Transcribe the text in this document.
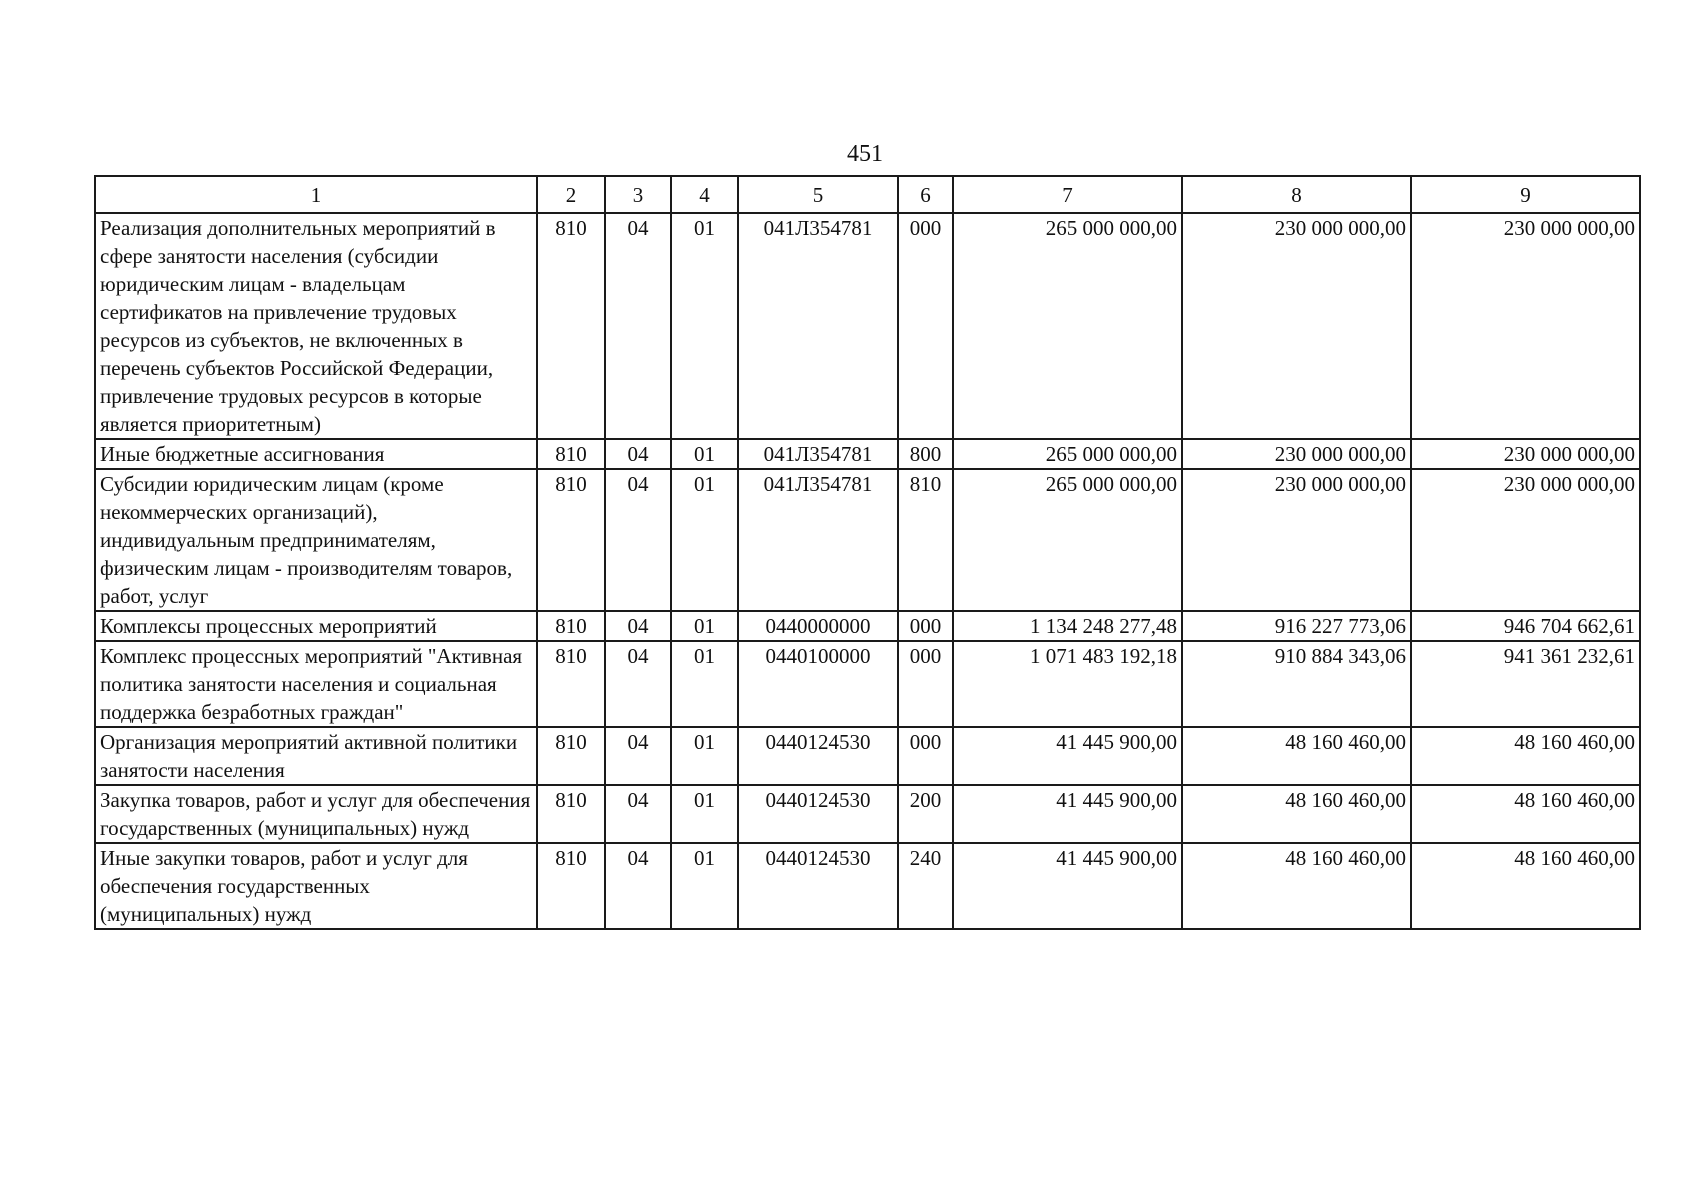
451
1	2	3	4	5	6	7	8	9
Реализация дополнительных мероприятий в сфере занятости населения (субсидии юридическим лицам - владельцам сертификатов на привлечение трудовых ресурсов из субъектов, не включенных в перечень субъектов Российской Федерации, привлечение трудовых ресурсов в которые является приоритетным)	810	04	01	041Л354781	000	265 000 000,00	230 000 000,00	230 000 000,00
Иные бюджетные ассигнования	810	04	01	041Л354781	800	265 000 000,00	230 000 000,00	230 000 000,00
Субсидии юридическим лицам (кроме некоммерческих организаций), индивидуальным предпринимателям, физическим лицам - производителям товаров, работ, услуг	810	04	01	041Л354781	810	265 000 000,00	230 000 000,00	230 000 000,00
Комплексы процессных мероприятий	810	04	01	0440000000	000	1 134 248 277,48	916 227 773,06	946 704 662,61
Комплекс процессных мероприятий "Активная политика занятости населения и социальная поддержка безработных граждан"	810	04	01	0440100000	000	1 071 483 192,18	910 884 343,06	941 361 232,61
Организация мероприятий активной политики занятости населения	810	04	01	0440124530	000	41 445 900,00	48 160 460,00	48 160 460,00
Закупка товаров, работ и услуг для обеспечения государственных (муниципальных) нужд	810	04	01	0440124530	200	41 445 900,00	48 160 460,00	48 160 460,00
Иные закупки товаров, работ и услуг для обеспечения государственных (муниципальных) нужд	810	04	01	0440124530	240	41 445 900,00	48 160 460,00	48 160 460,00
